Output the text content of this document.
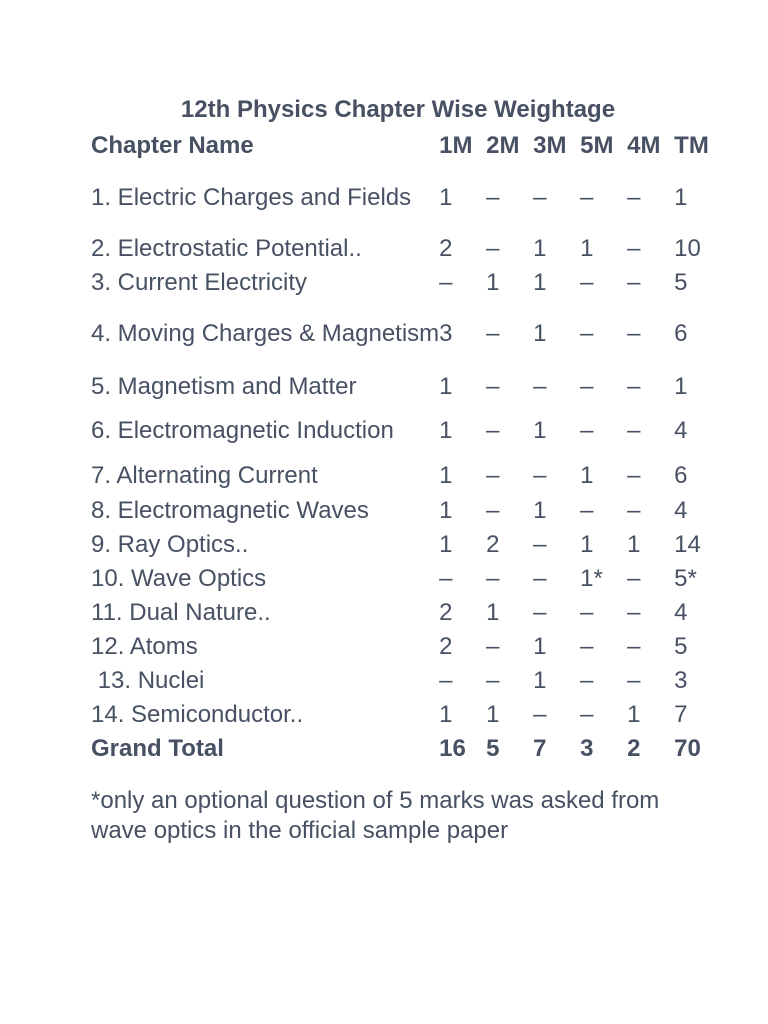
12th Physics Chapter Wise Weightage
Chapter Name	1M	2M	3M	5M	4M	TM
1. Electric Charges and Fields	1	–	–	–	–	1
2. Electrostatic Potential..	2	–	1	1	–	10
3. Current Electricity	–	1	1	–	–	5
4. Moving Charges & Magnetism	3	–	1	–	–	6
5. Magnetism and Matter	1	–	–	–	–	1
6. Electromagnetic Induction	1	–	1	–	–	4
7. Alternating Current	1	–	–	1	–	6
8. Electromagnetic Waves	1	–	1	–	–	4
9. Ray Optics..	1	2	–	1	1	14
10. Wave Optics	–	–	–	1*	–	5*
11. Dual Nature..	2	1	–	–	–	4
12. Atoms	2	–	1	–	–	5
13. Nuclei	–	–	1	–	–	3
14. Semiconductor..	1	1	–	–	1	7
Grand Total	16	5	7	3	2	70
*only an optional question of 5 marks was asked from wave optics in the official sample paper
